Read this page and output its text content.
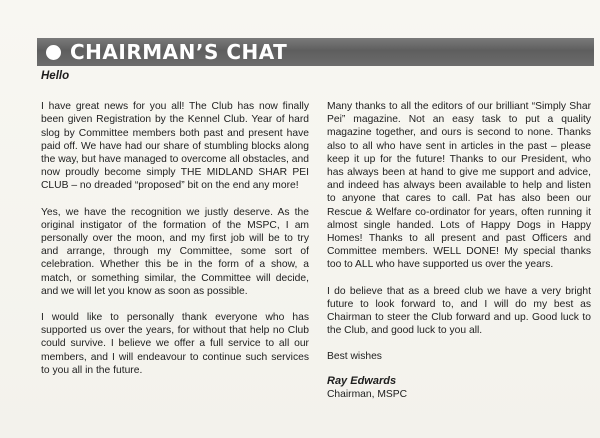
CHAIRMAN’S CHAT

Hello

I have great news for you all! The Club has now finally been given Registration by the Kennel Club. Year of hard slog by Committee members both past and present have paid off. We have had our share of stumbling blocks along the way, but have managed to overcome all obstacles, and now proudly become simply THE MIDLAND SHAR PEI CLUB – no dreaded “proposed” bit on the end any more!

Yes, we have the recognition we justly deserve. As the original instigator of the formation of the MSPC, I am personally over the moon, and my first job will be to try and arrange, through my Committee, some sort of celebration. Whether this be in the form of a show, a match, or something similar, the Committee will decide, and we will let you know as soon as possible.

I would like to personally thank everyone who has supported us over the years, for without that help no Club could survive. I believe we offer a full service to all our members, and I will endeavour to continue such services to you all in the future.

Many thanks to all the editors of our brilliant “Simply Shar Pei” magazine. Not an easy task to put a quality magazine together, and ours is second to none. Thanks also to all who have sent in articles in the past – please keep it up for the future! Thanks to our President, who has always been at hand to give me support and advice, and indeed has always been available to help and listen to anyone that cares to call. Pat has also been our Rescue & Welfare co-ordinator for years, often running it almost single handed. Lots of Happy Dogs in Happy Homes! Thanks to all present and past Officers and Committee members. WELL DONE! My special thanks too to ALL who have supported us over the years.

I do believe that as a breed club we have a very bright future to look forward to, and I will do my best as Chairman to steer the Club forward and up. Good luck to the Club, and good luck to you all.

Best wishes

Ray Edwards

Chairman, MSPC
